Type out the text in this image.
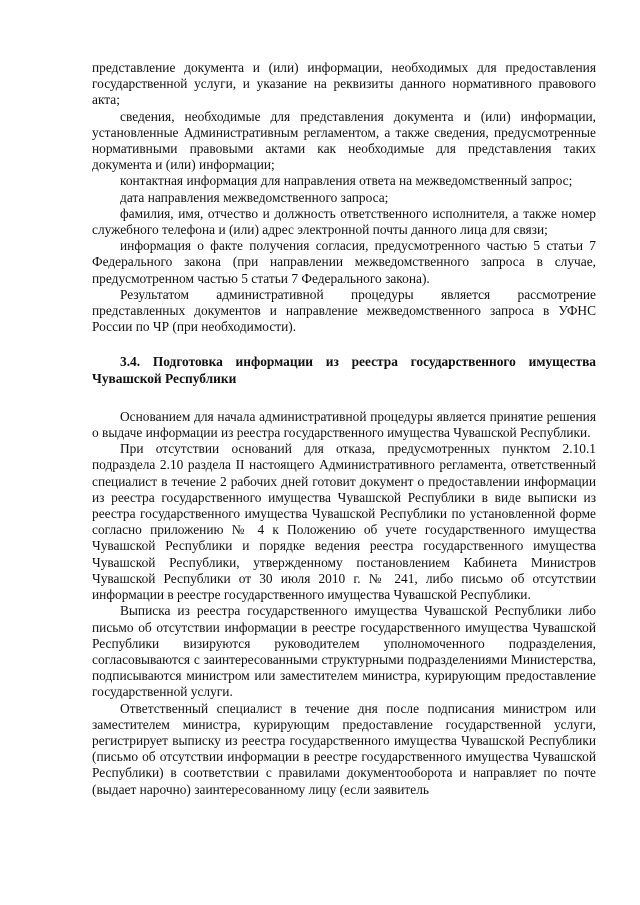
представление документа и (или) информации, необходимых для предоставления государственной услуги, и указание на реквизиты данного нормативного правового акта;

сведения, необходимые для представления документа и (или) информации, установленные Административным регламентом, а также сведения, предусмотренные нормативными правовыми актами как необходимые для представления таких документа и (или) информации;

контактная информация для направления ответа на межведомственный запрос;

дата направления межведомственного запроса;

фамилия, имя, отчество и должность ответственного исполнителя, а также номер служебного телефона и (или) адрес электронной почты данного лица для связи;

информация о факте получения согласия, предусмотренного частью 5 статьи 7 Федерального закона (при направлении межведомственного запроса в случае, предусмотренном частью 5 статьи 7 Федерального закона).

Результатом административной процедуры является рассмотрение представленных документов и направление межведомственного запроса в УФНС России по ЧР (при необходимости).

3.4. Подготовка информации из реестра государственного имущества Чувашской Республики

Основанием для начала административной процедуры является принятие решения о выдаче информации из реестра государственного имущества Чувашской Республики.

При отсутствии оснований для отказа, предусмотренных пунктом 2.10.1 подраздела 2.10 раздела II настоящего Административного регламента, ответственный специалист в течение 2 рабочих дней готовит документ о предоставлении информации из реестра государственного имущества Чувашской Республики в виде выписки из реестра государственного имущества Чувашской Республики по установленной форме согласно приложению № 4 к Положению об учете государственного имущества Чувашской Республики и порядке ведения реестра государственного имущества Чувашской Республики, утвержденному постановлением Кабинета Министров Чувашской Республики от 30 июля 2010 г. № 241, либо письмо об отсутствии информации в реестре государственного имущества Чувашской Республики.

Выписка из реестра государственного имущества Чувашской Республики либо письмо об отсутствии информации в реестре государственного имущества Чувашской Республики визируются руководителем уполномоченного подразделения, согласовываются с заинтересованными структурными подразделениями Министерства, подписываются министром или заместителем министра, курирующим предоставление государственной услуги.

Ответственный специалист в течение дня после подписания министром или заместителем министра, курирующим предоставление государственной услуги, регистрирует выписку из реестра государственного имущества Чувашской Республики (письмо об отсутствии информации в реестре государственного имущества Чувашской Республики) в соответствии с правилами документооборота и направляет по почте (выдает нарочно) заинтересованному лицу (если заявитель
